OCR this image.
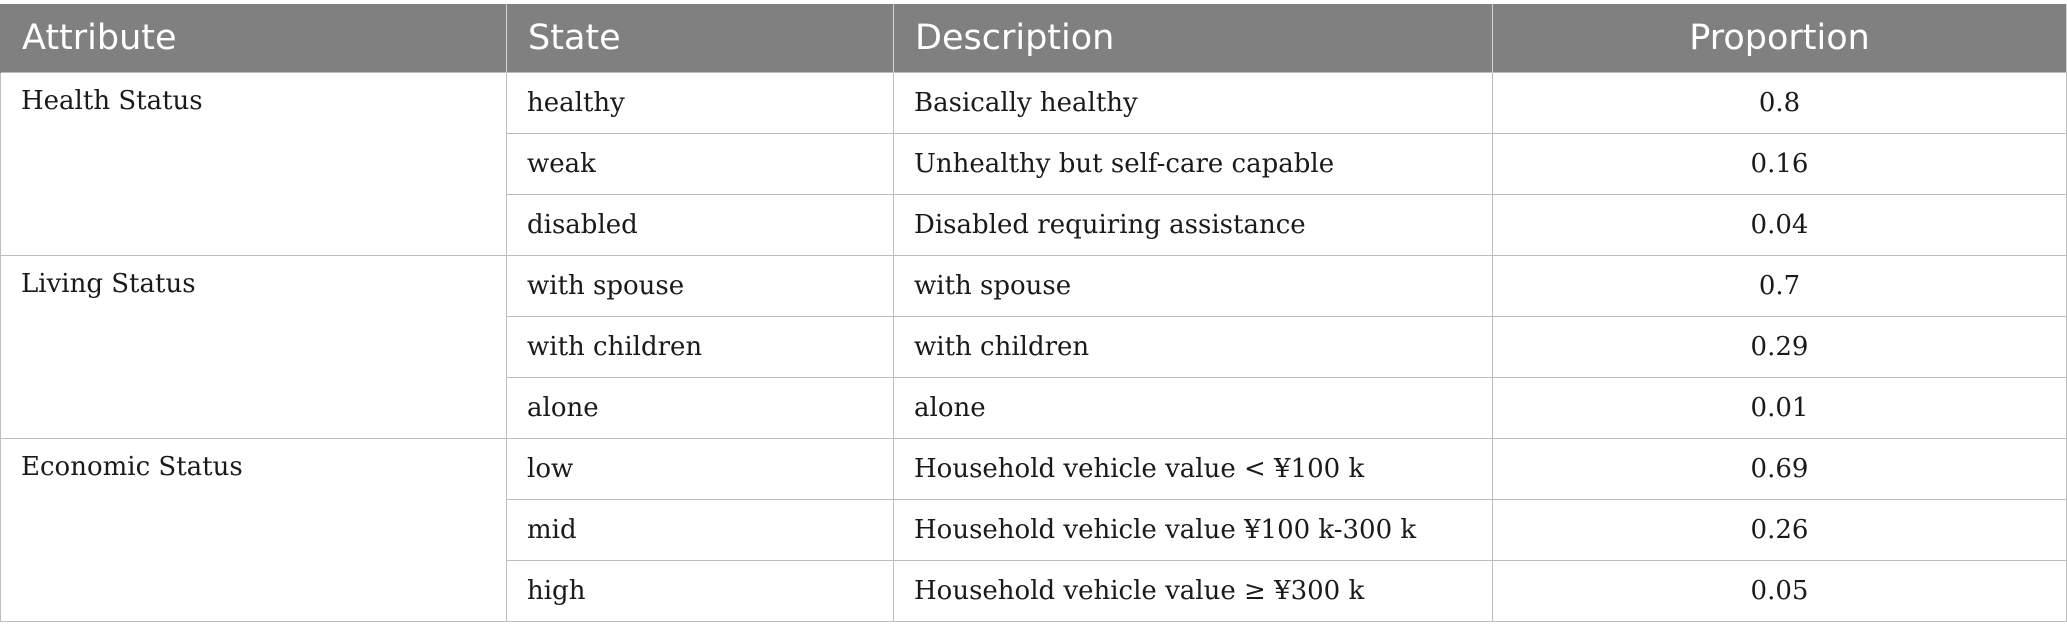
Attribute	State	Description	Proportion
Health Status	healthy	Basically healthy	0.8
	weak	Unhealthy but self-care capable	0.16
	disabled	Disabled requiring assistance	0.04
Living Status	with spouse	with spouse	0.7
	with children	with children	0.29
	alone	alone	0.01
Economic Status	low	Household vehicle value < ¥100 k	0.69
	mid	Household vehicle value ¥100 k-300 k	0.26
	high	Household vehicle value ≥ ¥300 k	0.05
